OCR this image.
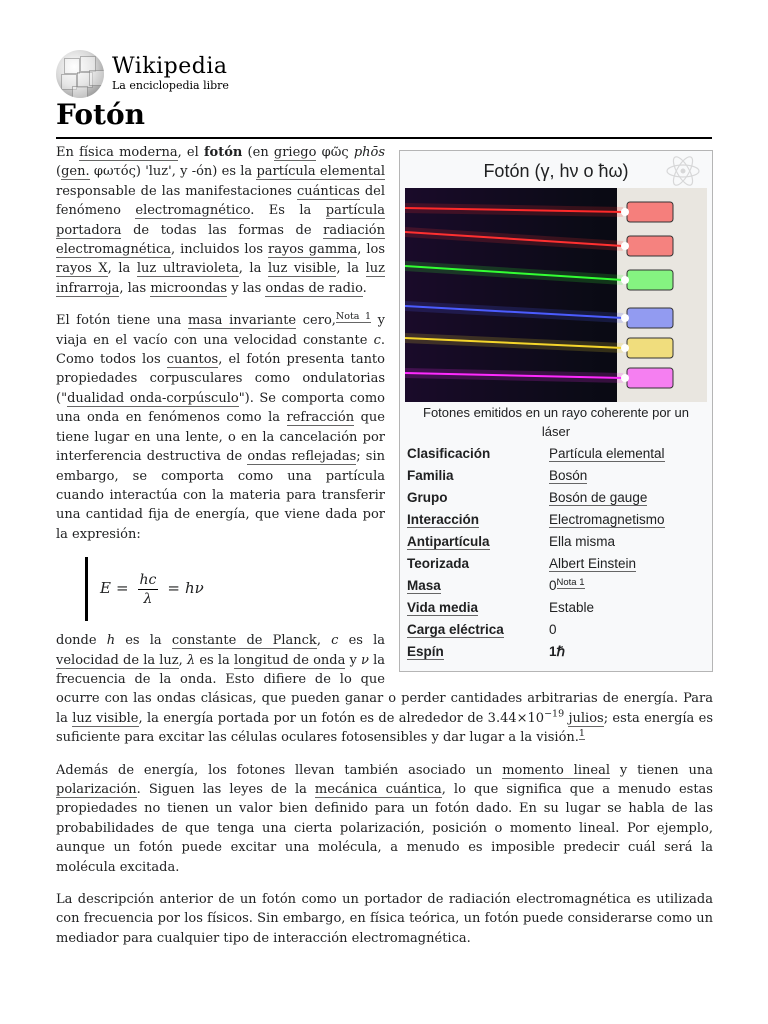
Wikipedia
La enciclopedia libre
Fotón
Fotón (γ, hν o ħω)
Fotones emitidos en un rayo coherente por un láser
Clasificación	Partícula elemental
Familia	Bosón
Grupo	Bosón de gauge
Interacción	Electromagnetismo
Antipartícula	Ella misma
Teorizada	Albert Einstein
Masa	$0^{Nota 1}$
Vida media	Estable
Carga eléctrica	0
Espín	1ℏ

En física moderna, el fotón (en griego φῶς phōs (gen. φωτός) 'luz', y -ón) es la partícula elemental responsable de las manifestaciones cuánticas del fenómeno electromagnético. Es la partícula portadora de todas las formas de radiación electromagnética, incluidos los rayos gamma, los rayos X, la luz ultravioleta, la luz visible, la luz infrarroja, las microondas y las ondas de radio.

El fotón tiene una masa invariante cero,$^{Nota 1}$ y viaja en el vacío con una velocidad constante c. Como todos los cuantos, el fotón presenta tanto propiedades corpusculares como ondulatorias ("dualidad onda-corpúsculo"). Se comporta como una onda en fenómenos como la refracción que tiene lugar en una lente, o en la cancelación por interferencia destructiva de ondas reflejadas; sin embargo, se comporta como una partícula cuando interactúa con la materia para transferir una cantidad fija de energía, que viene dada por la expresión:

$E = \frac{hc}{\lambda} = h\nu$

donde h es la constante de Planck, c es la velocidad de la luz, λ es la longitud de onda y ν la frecuencia de la onda. Esto difiere de lo que ocurre con las ondas clásicas, que pueden ganar o perder cantidades arbitrarias de energía. Para la luz visible, la energía portada por un fotón es de alrededor de $3.44\times 10^{-19}$ julios; esta energía es suficiente para excitar las células oculares fotosensibles y dar lugar a la visión.$^1$

Además de energía, los fotones llevan también asociado un momento lineal y tienen una polarización. Siguen las leyes de la mecánica cuántica, lo que significa que a menudo estas propiedades no tienen un valor bien definido para un fotón dado. En su lugar se habla de las probabilidades de que tenga una cierta polarización, posición o momento lineal. Por ejemplo, aunque un fotón puede excitar una molécula, a menudo es imposible predecir cuál será la molécula excitada.

La descripción anterior de un fotón como un portador de radiación electromagnética es utilizada con frecuencia por los físicos. Sin embargo, en física teórica, un fotón puede considerarse como un mediador para cualquier tipo de interacción electromagnética.
